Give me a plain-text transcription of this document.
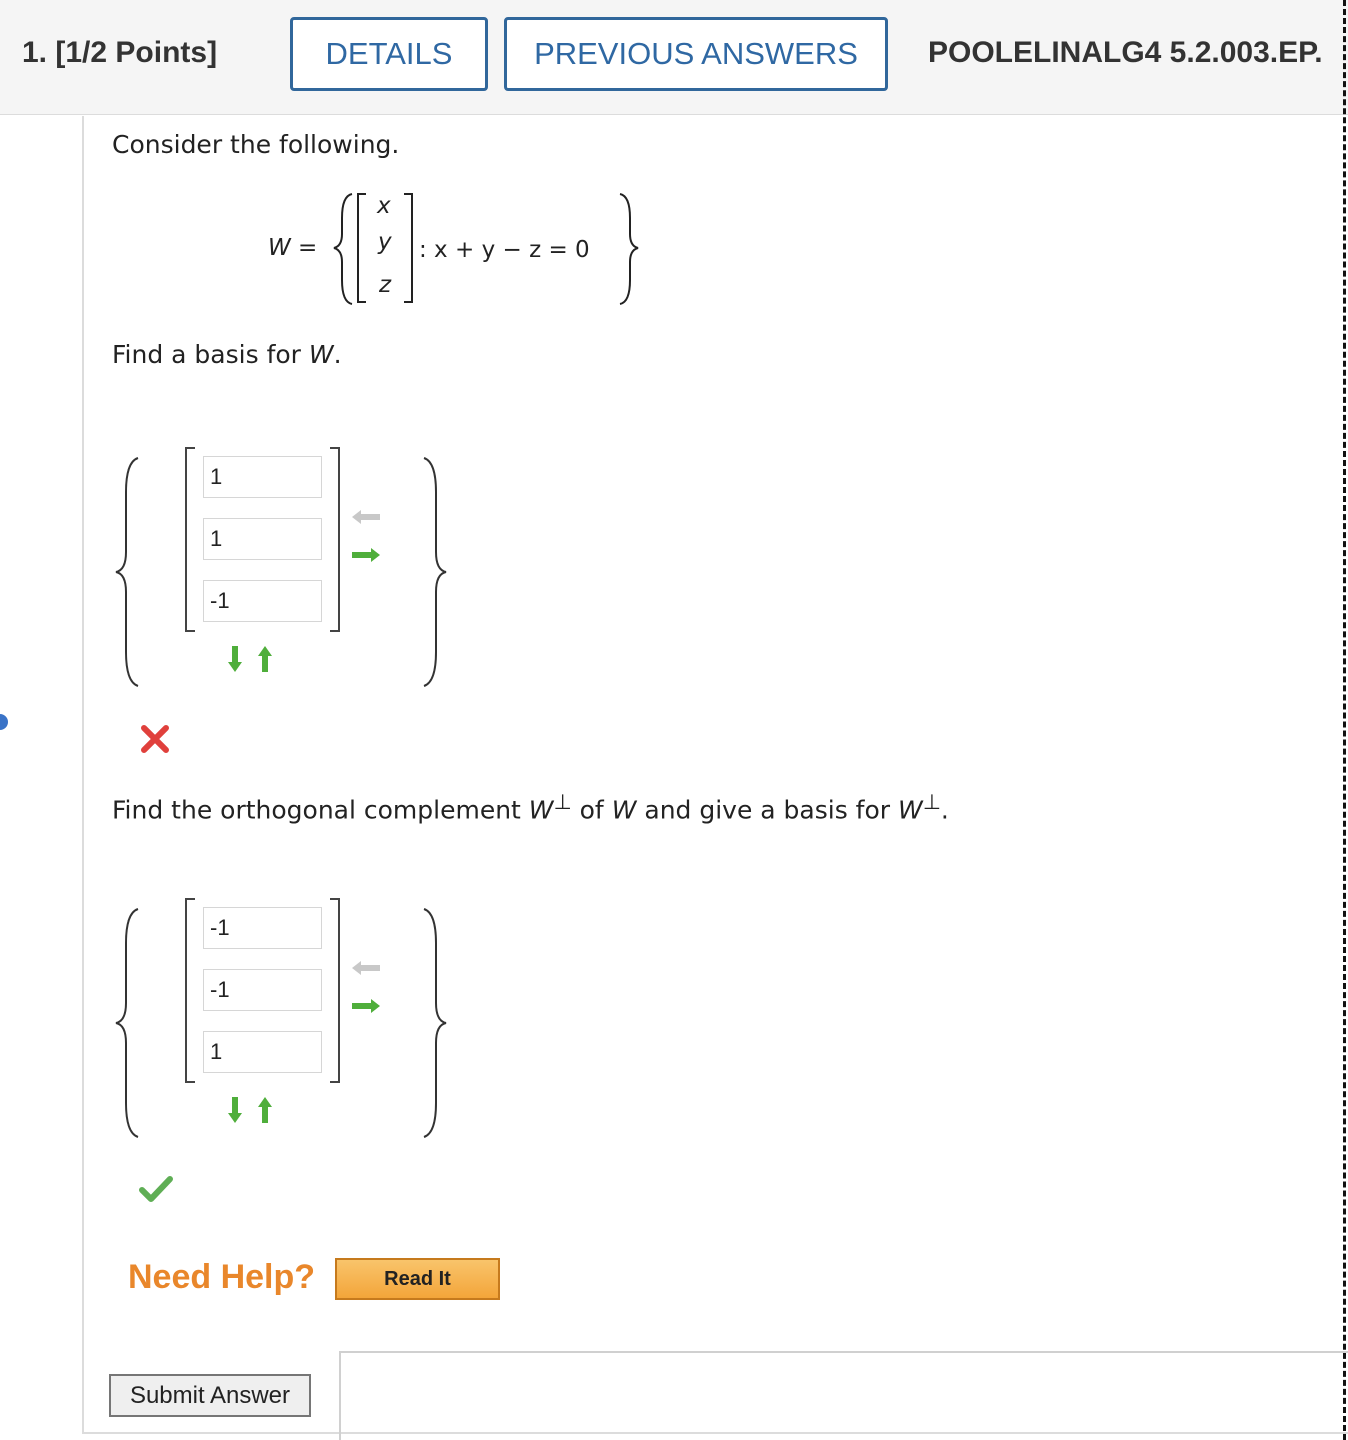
1. [1/2 Points]	DETAILS	PREVIOUS ANSWERS	POOLELINALG4 5.2.003.EP.
Consider the following.
W =
x
y
z
: x + y − z = 0
Find a basis for W.
1
1
-1
Find the orthogonal complement W⊥ of W and give a basis for W⊥.
-1
-1
1
Need Help?	Read It
Submit Answer
